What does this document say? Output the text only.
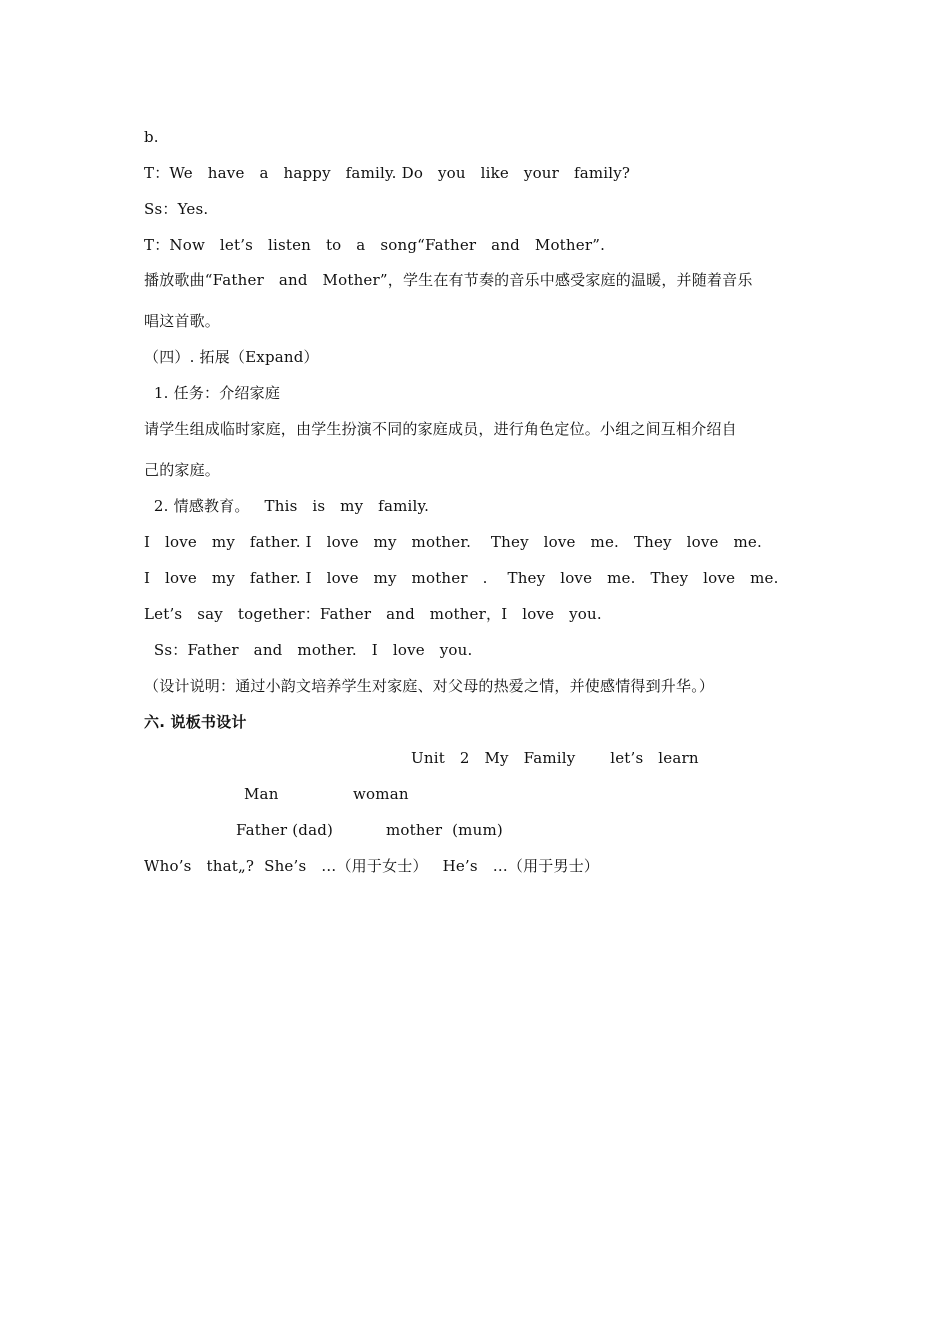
b.
T：We   have   a   happy   family. Do   you   like   your   family?
Ss：Yes.
T：Now   let’s   listen   to   a   song“Father   and   Mother”.
播放歌曲“Father   and   Mother”，学生在有节奏的音乐中感受家庭的温暖，并随着音乐
唱这首歌。
（四）. 拓展（Expand）
1. 任务：介绍家庭
请学生组成临时家庭，由学生扮演不同的家庭成员，进行角色定位。小组之间互相介绍自
己的家庭。
2. 情感教育。   This   is   my   family.
I   love   my   father. I   love   my   mother.    They   love   me.   They   love   me.
I   love   my   father. I   love   my   mother   .    They   love   me.   They   love   me.
Let’s   say   together：Father   and   mother，I   love   you.
Ss：Father   and   mother.   I   love   you.
（设计说明：通过小韵文培养学生对家庭、对父母的热爱之情，并使感情得到升华。）
六. 说板书设计
Unit   2   My   Family       let’s   learn
Man	woman
Father (dad)	mother  (mum)
Who’s   that„?  She’s   …（用于女士）   He’s   …（用于男士）
